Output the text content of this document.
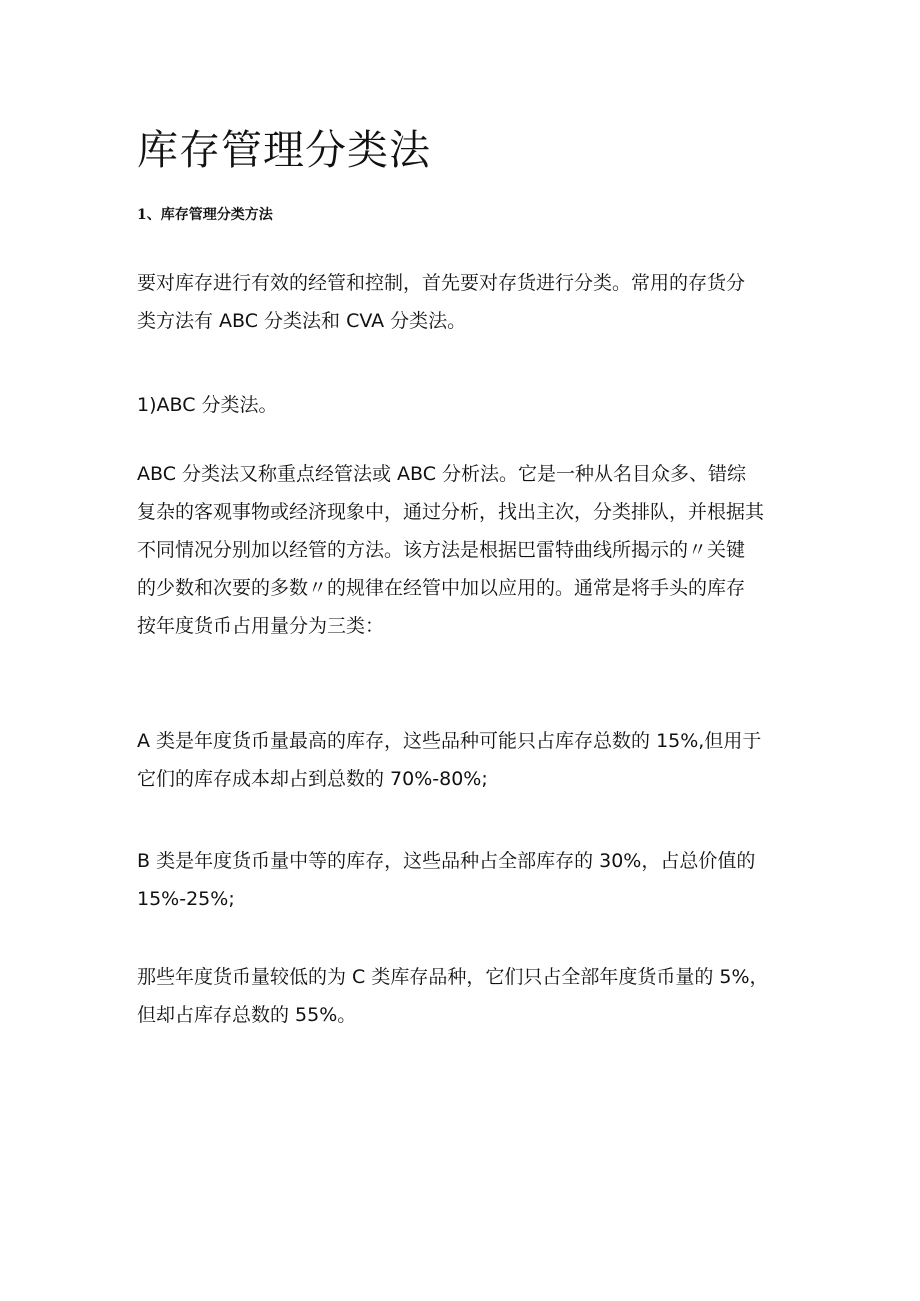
库存管理分类法
1、库存管理分类方法

要对库存进行有效的经管和控制，首先要对存货进行分类。常用的存货分
类方法有 ABC 分类法和 CVA 分类法。

1)ABC 分类法。

ABC 分类法又称重点经管法或 ABC 分析法。它是一种从名目众多、错综
复杂的客观事物或经济现象中，通过分析，找出主次，分类排队，并根据其
不同情况分别加以经管的方法。该方法是根据巴雷特曲线所揭示的〃关键
的少数和次要的多数〃的规律在经管中加以应用的。通常是将手头的库存
按年度货币占用量分为三类：

A 类是年度货币量最高的库存，这些品种可能只占库存总数的 15%,但用于
它们的库存成本却占到总数的 70%-80%;

B 类是年度货币量中等的库存，这些品种占全部库存的 30%，占总价值的
15%-25%;

那些年度货币量较低的为 C 类库存品种，它们只占全部年度货币量的 5%，
但却占库存总数的 55%。
